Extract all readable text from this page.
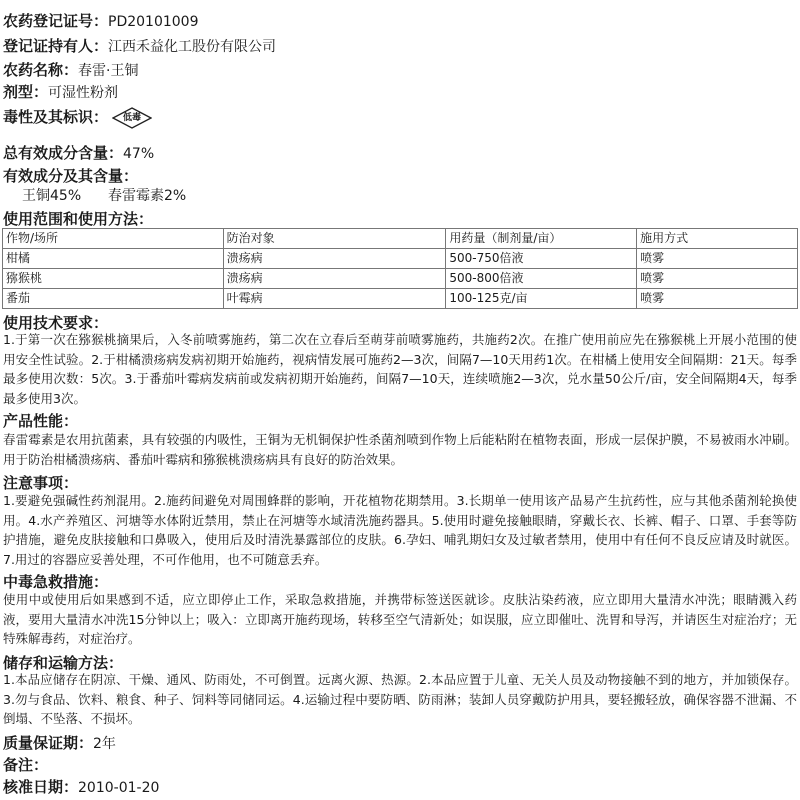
农药登记证号：PD20101009
登记证持有人：江西禾益化工股份有限公司
农药名称：春雷·王铜
剂型：可湿性粉剂
毒性及其标识：	低毒
总有效成分含量：47%
有效成分及其含量：
王铜45% 春雷霉素2%
使用范围和使用方法：
作物/场所	防治对象	用药量（制剂量/亩）	施用方式
柑橘	溃疡病	500-750倍液	喷雾
猕猴桃	溃疡病	500-800倍液	喷雾
番茄	叶霉病	100-125克/亩	喷雾
使用技术要求：
1.于第一次在猕猴桃摘果后，入冬前喷雾施药，第二次在立春后至萌芽前喷雾施药，共施药2次。在推广使用前应先在猕猴桃上开展小范围的使用安全性试验。2.于柑橘溃疡病发病初期开始施药，视病情发展可施药2—3次，间隔7—10天用药1次。在柑橘上使用安全间隔期：21天。每季最多使用次数：5次。3.于番茄叶霉病发病前或发病初期开始施药，间隔7—10天，连续喷施2—3次，兑水量50公斤/亩，安全间隔期4天，每季最多使用3次。
产品性能：
春雷霉素是农用抗菌素，具有较强的内吸性，王铜为无机铜保护性杀菌剂喷到作物上后能粘附在植物表面，形成一层保护膜，不易被雨水冲刷。用于防治柑橘溃疡病、番茄叶霉病和猕猴桃溃疡病具有良好的防治效果。
注意事项：
1.要避免强碱性药剂混用。2.施药间避免对周围蜂群的影响，开花植物花期禁用。3.长期单一使用该产品易产生抗药性，应与其他杀菌剂轮换使用。4.水产养殖区、河塘等水体附近禁用，禁止在河塘等水域清洗施药器具。5.使用时避免接触眼睛，穿戴长衣、长裤、帽子、口罩、手套等防护措施，避免皮肤接触和口鼻吸入，使用后及时清洗暴露部位的皮肤。6.孕妇、哺乳期妇女及过敏者禁用，使用中有任何不良反应请及时就医。7.用过的容器应妥善处理，不可作他用，也不可随意丢弃。
中毒急救措施：
使用中或使用后如果感到不适，应立即停止工作，采取急救措施，并携带标签送医就诊。皮肤沾染药液，应立即用大量清水冲洗；眼睛溅入药液，要用大量清水冲洗15分钟以上；吸入：立即离开施药现场，转移至空气清新处；如误服，应立即催吐、洗胃和导泻，并请医生对症治疗；无特殊解毒药，对症治疗。
储存和运输方法：
1.本品应储存在阴凉、干燥、通风、防雨处，不可倒置。远离火源、热源。2.本品应置于儿童、无关人员及动物接触不到的地方，并加锁保存。3.勿与食品、饮料、粮食、种子、饲料等同储同运。4.运输过程中要防晒、防雨淋；装卸人员穿戴防护用具，要轻搬轻放，确保容器不泄漏、不倒塌、不坠落、不损坏。
质量保证期：2年
备注：
核准日期：2010-01-20
